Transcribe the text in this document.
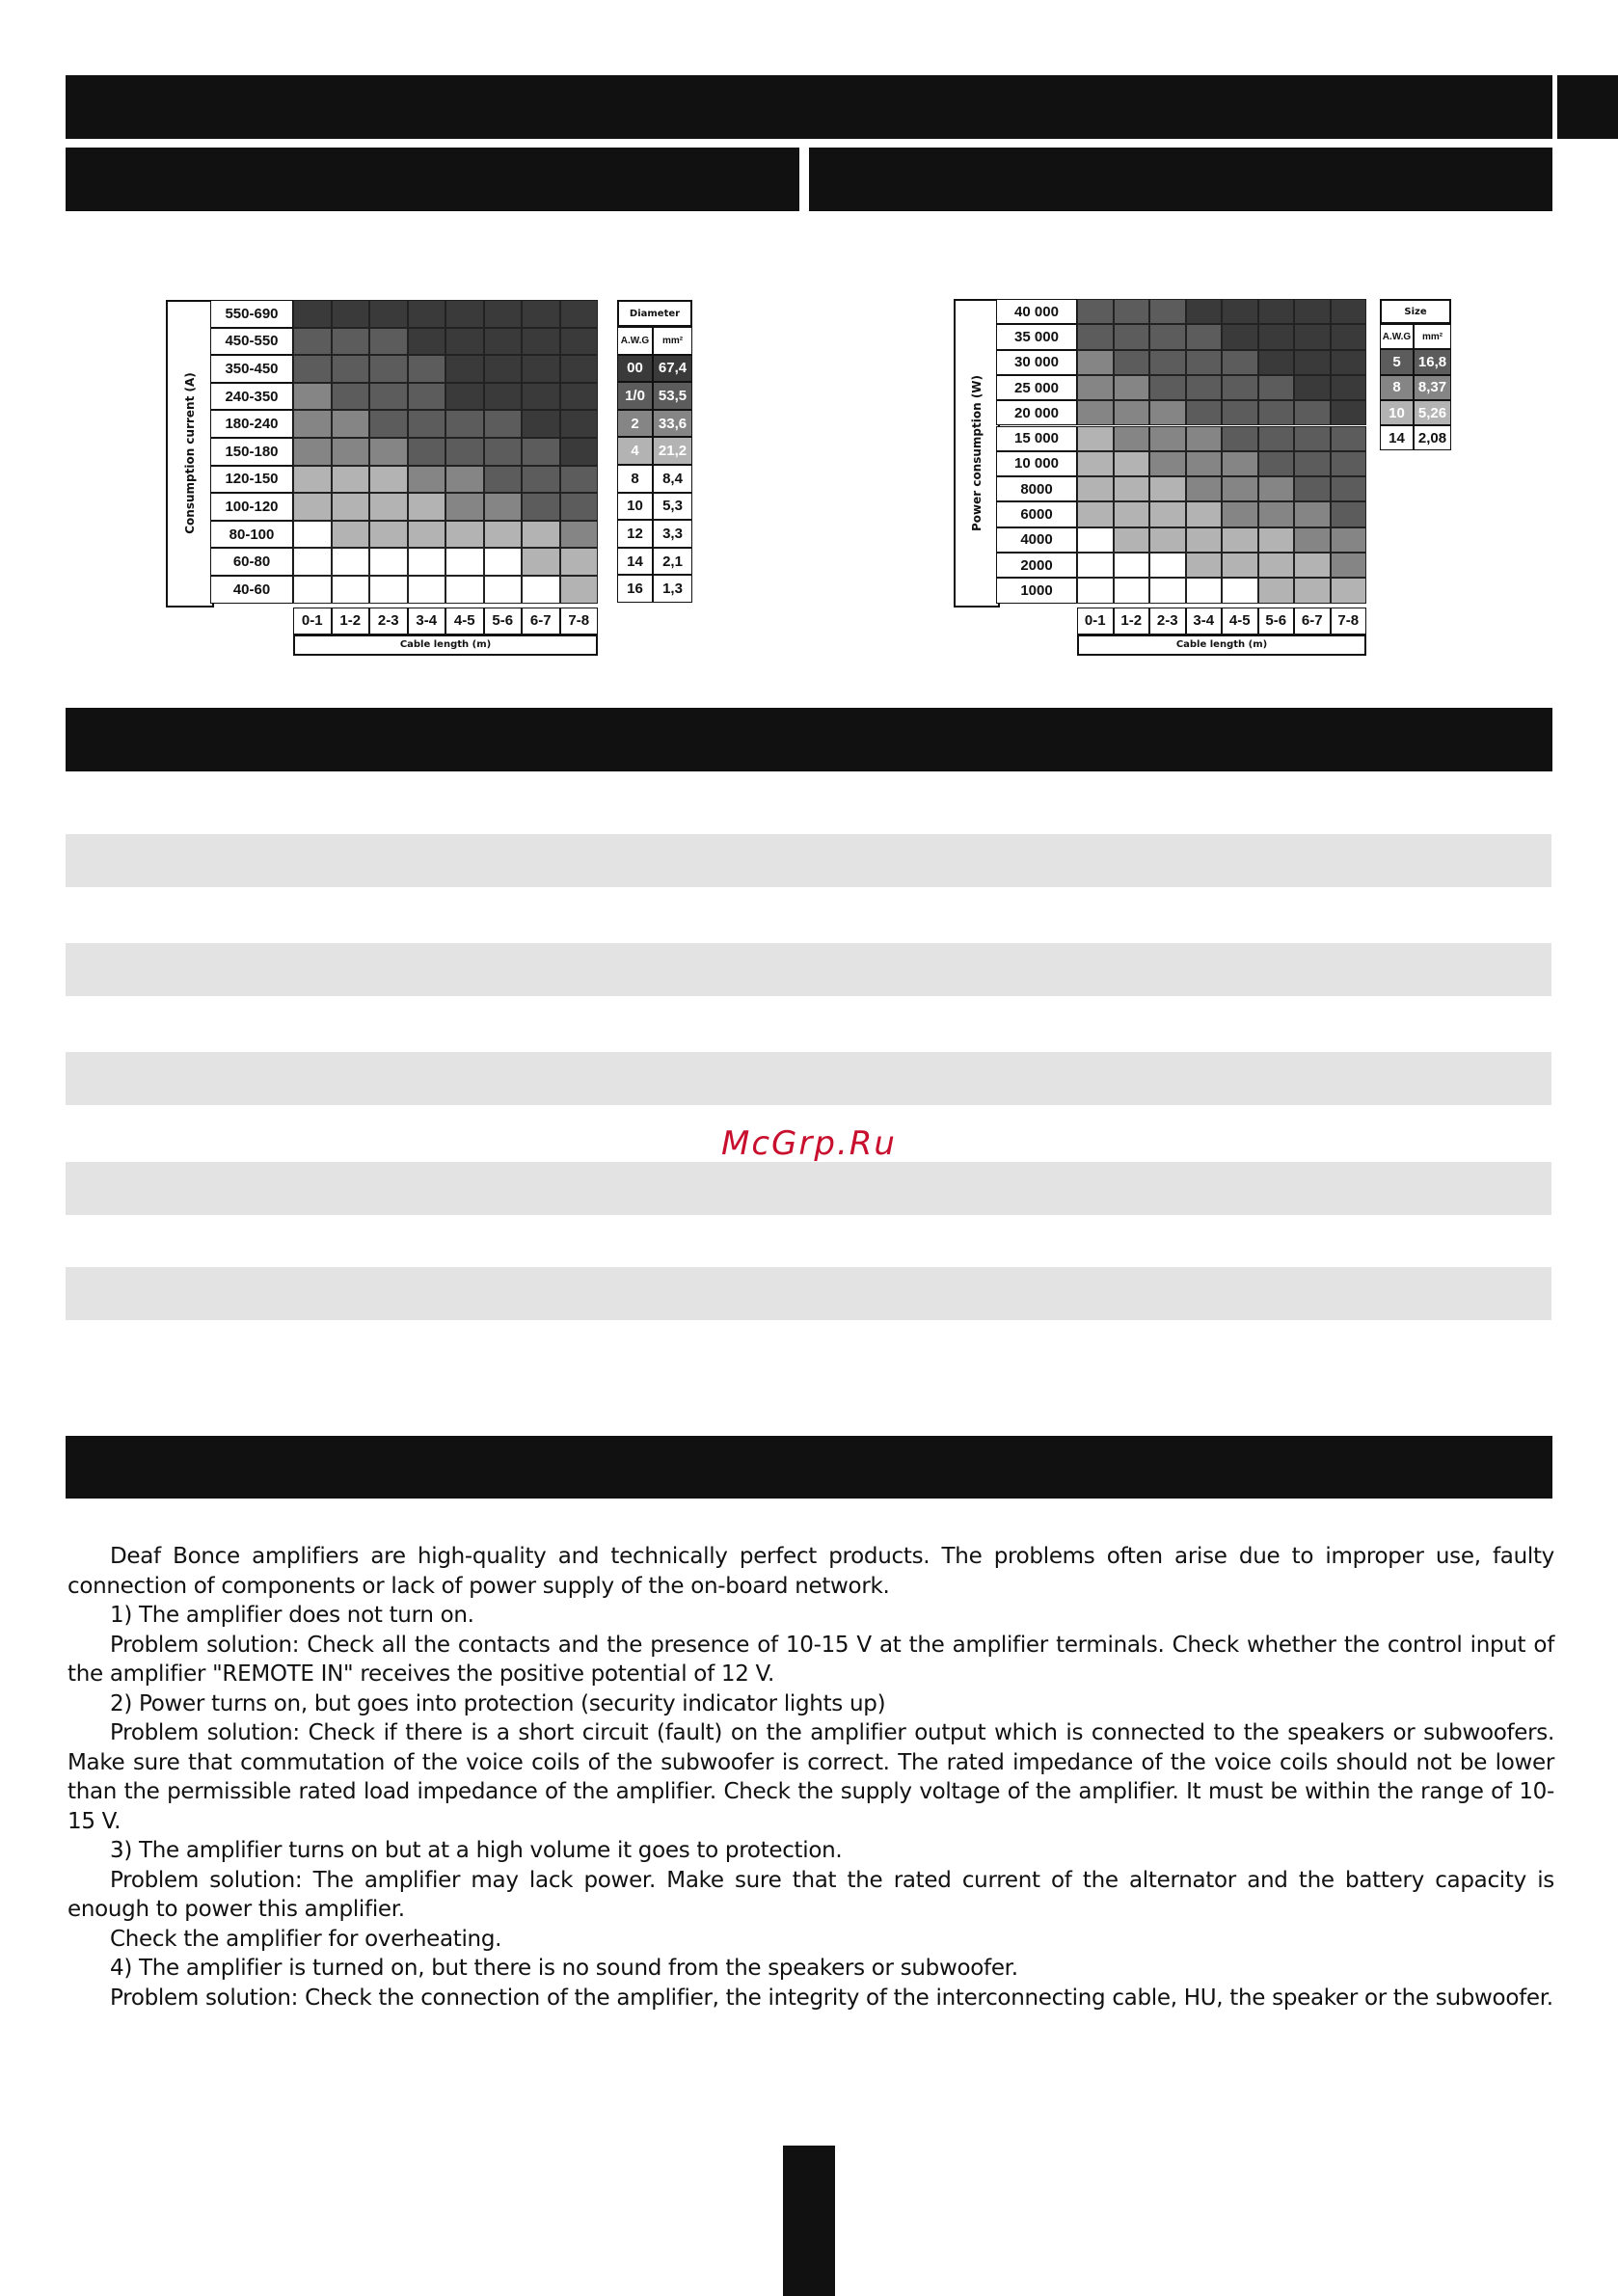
Consumption current (A)
550-690
450-550
350-450
240-350
180-240
150-180
120-150
100-120
80-100
60-80
40-60
0-1	1-2	2-3	3-4	4-5	5-6	6-7	7-8
Cable length (m)
Diameter
A.W.G	mm²
00	67,4
1/0 53,5
2	33,6
4	21,2
8	8,4
10	5,3
12	3,3
14	2,1
16	1,3
Power consumption (W)
40 000
35 000
30 000
25 000
20 000
15 000
10 000
8000
6000
4000
2000
1000
0-1	1-2	2-3	3-4	4-5	5-6	6-7	7-8
Cable length (m)
Size
A.W.G	mm²
5	16,8
8	8,37
10 5,26
14 2,08
McGrp.Ru

Deaf Bonce amplifiers are high-quality and technically perfect products. The problems often arise due to improper use, faulty connection of components or lack of power supply of the on-board network.

1) The amplifier does not turn on.

Problem solution: Check all the contacts and the presence of 10-15 V at the amplifier terminals. Check whether the control input of the amplifier "REMOTE IN" receives the positive potential of 12 V.

2) Power turns on, but goes into protection (security indicator lights up)

Problem solution: Check if there is a short circuit (fault) on the amplifier output which is connected to the speakers or subwoofers. Make sure that commutation of the voice coils of the subwoofer is correct. The rated impedance of the voice coils should not be lower than the permissible rated load impedance of the amplifier. Check the supply voltage of the amplifier. It must be within the range of 10-15 V.

3) The amplifier turns on but at a high volume it goes to protection.

Problem solution: The amplifier may lack power. Make sure that the rated current of the alternator and the battery capacity is enough to power this amplifier.

Check the amplifier for overheating.

4) The amplifier is turned on, but there is no sound from the speakers or subwoofer.

Problem solution: Check the connection of the amplifier, the integrity of the interconnecting cable, HU, the speaker or the subwoofer.
